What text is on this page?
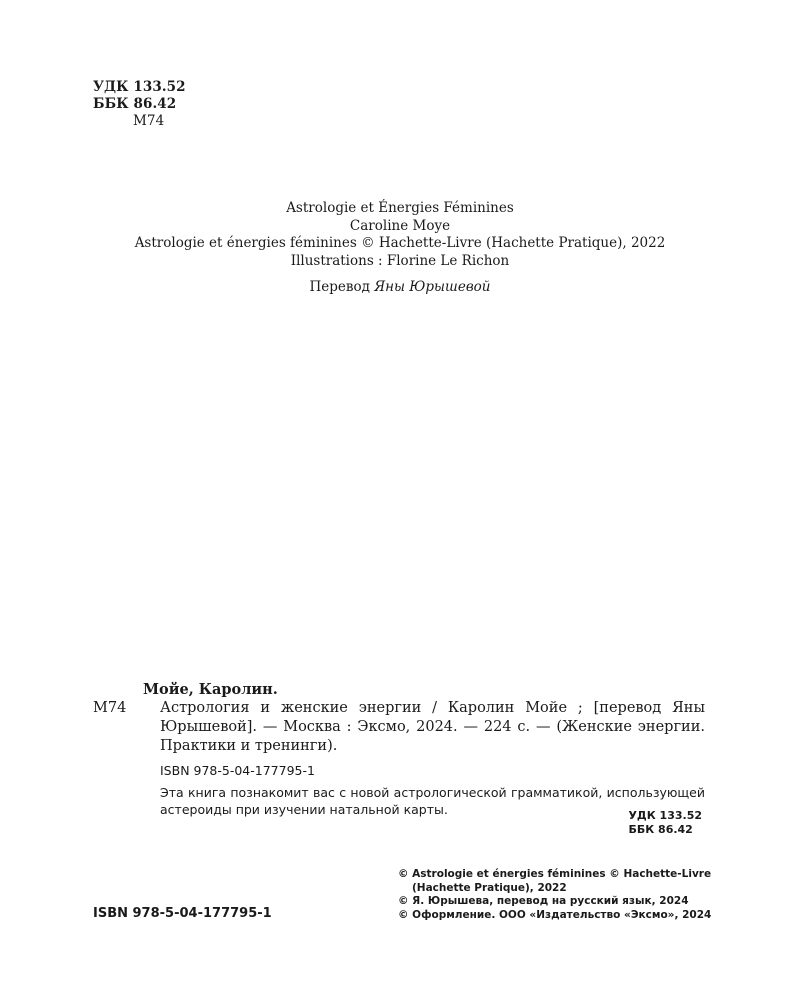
УДК 133.52
ББК 86.42
М74
Astrologie et Énergies Féminines
Caroline Moye
Astrologie et énergies féminines © Hachette-Livre (Hachette Pratique), 2022
Illustrations : Florine Le Richon
Перевод Яны Юрышевой
Мойе, Каролин.
М74 Астрология и женские энергии / Каролин Мойе ; [перевод Яны Юрышевой]. — Москва : Эксмо, 2024. — 224 с. — (Женские энергии. Практики и тренинги).
ISBN 978-5-04-177795-1
Эта книга познакомит вас с новой астрологической грамматикой, использующей астероиды при изучении натальной карты.	УДК 133.52
ББК 86.42
© Astrologie et énergies féminines © Hachette-Livre
(Hachette Pratique), 2022
© Я. Юрышева, перевод на русский язык, 2024
© Оформление. ООО «Издательство «Эксмо», 2024
ISBN 978-5-04-177795-1
